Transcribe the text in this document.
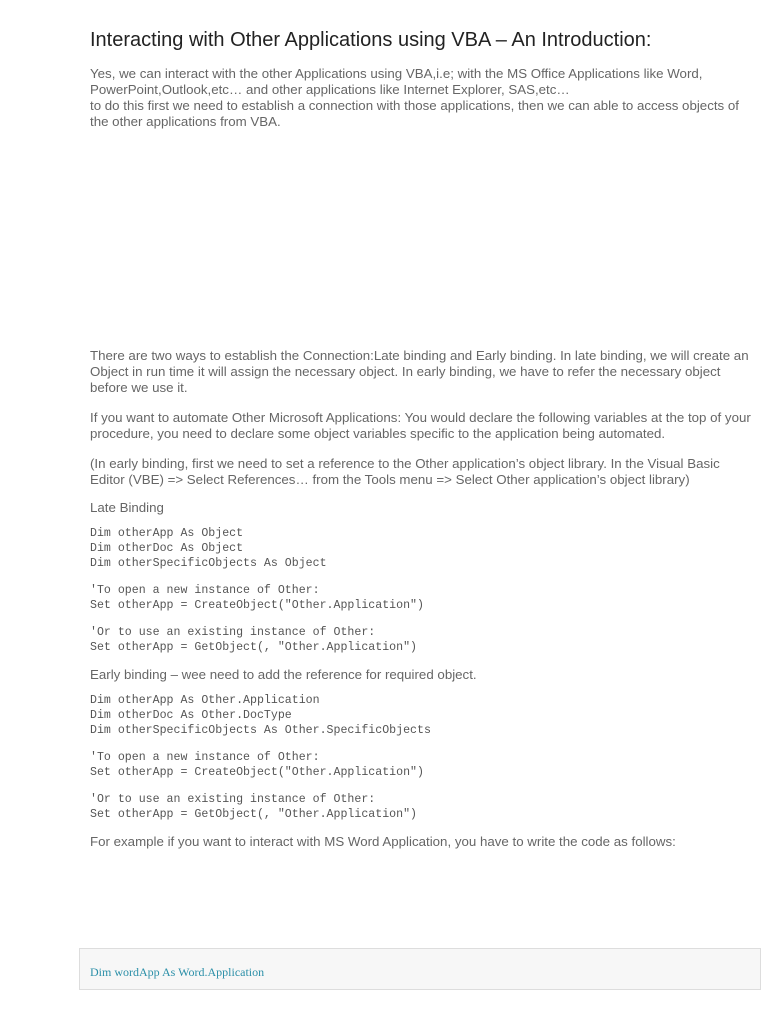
Interacting with Other Applications using VBA – An Introduction:

Yes, we can interact with the other Applications using VBA,i.e; with the MS Office Applications like Word,
PowerPoint,Outlook,etc… and other applications like Internet Explorer, SAS,etc…
to do this first we need to establish a connection with those applications, then we can able to access objects of the other applications from VBA.

There are two ways to establish the Connection:Late binding and Early binding. In late binding, we will create an Object in run time it will assign the necessary object. In early binding, we have to refer the necessary object before we use it.

If you want to automate Other Microsoft Applications: You would declare the following variables at the top of your procedure, you need to declare some object variables specific to the application being automated.

(In early binding, first we need to set a reference to the Other application’s object library. In the Visual Basic Editor (VBE) => Select References… from the Tools menu => Select Other application’s object library)

Late Binding

Dim otherApp As Object
Dim otherDoc As Object
Dim otherSpecificObjects As Object
'To open a new instance of Other:
Set otherApp = CreateObject("Other.Application")
'Or to use an existing instance of Other:
Set otherApp = GetObject(, "Other.Application")

Early binding – wee need to add the reference for required object.

Dim otherApp As Other.Application
Dim otherDoc As Other.DocType
Dim otherSpecificObjects As Other.SpecificObjects
'To open a new instance of Other:
Set otherApp = CreateObject("Other.Application")
'Or to use an existing instance of Other:
Set otherApp = GetObject(, "Other.Application")

For example if you want to interact with MS Word Application, you have to write the code as follows:

Dim wordApp As Word.Application
